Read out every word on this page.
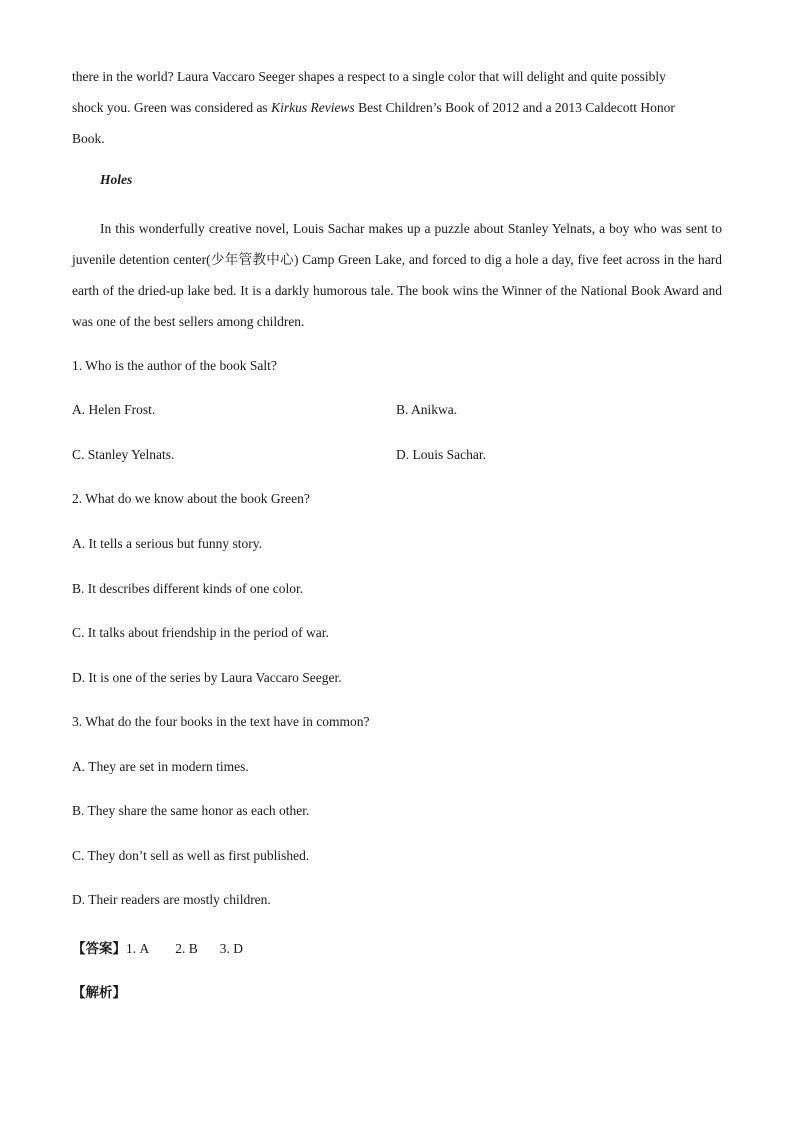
there in the world? Laura Vaccaro Seeger shapes a respect to a single color that will delight and quite possibly
shock you. Green was considered as Kirkus Reviews Best Children’s Book of 2012 and a 2013 Caldecott Honor
Book.

Holes

In this wonderfully creative novel, Louis Sachar makes up a puzzle about Stanley Yelnats, a boy who was sent to juvenile detention center(少年管教中心) Camp Green Lake, and forced to dig a hole a day, five feet across in the hard earth of the dried-up lake bed. It is a darkly humorous tale. The book wins the Winner of the National Book Award and was one of the best sellers among children.

1. Who is the author of the book Salt?

A. Helen Frost.	B. Anikwa.

C. Stanley Yelnats.	D. Louis Sachar.

2. What do we know about the book Green?

A. It tells a serious but funny story.

B. It describes different kinds of one color.

C. It talks about friendship in the period of war.

D. It is one of the series by Laura Vaccaro Seeger.

3. What do the four books in the text have in common?

A. They are set in modern times.

B. They share the same honor as each other.

C. They don’t sell as well as first published.

D. Their readers are mostly children.

【答案】1. A 2. B 3. D

【解析】
